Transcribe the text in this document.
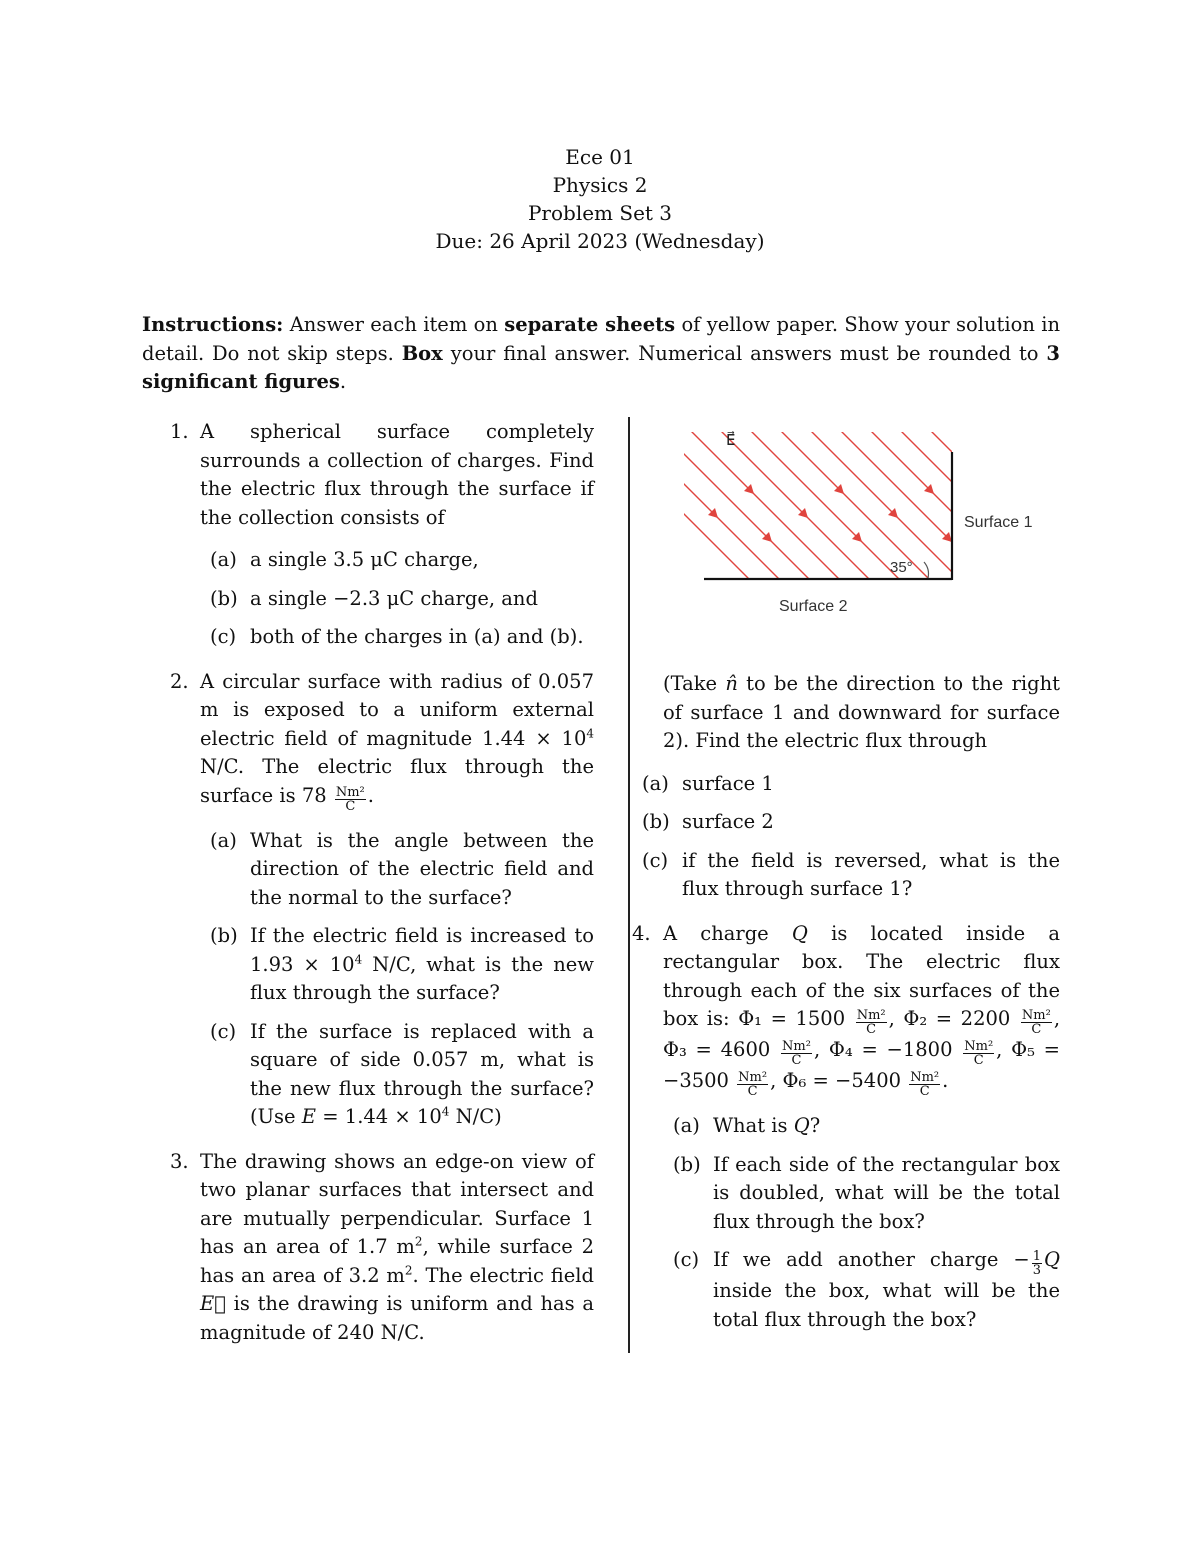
Ece 01
Physics 2
Problem Set 3
Due: 26 April 2023 (Wednesday)
Instructions: Answer each item on separate sheets of yellow paper. Show your solution in detail. Do not skip steps. Box your final answer. Numerical answers must be rounded to 3 significant figures.
1. A spherical surface completely surrounds a collection of charges. Find the electric flux through the surface if the collection consists of
(a) a single 3.5 μC charge,
(b) a single −2.3 μC charge, and
(c) both of the charges in (a) and (b).
2. A circular surface with radius of 0.057 m is exposed to a uniform external electric field of magnitude $1.44 \times 10^4$ N/C. The electric flux through the surface is $78 \frac{\text{Nm²}}{C}$ .
(a) What is the angle between the direction of the electric field and the normal to the surface?
(b) If the electric field is increased to $1.93 \times 10^4$ N/C, what is the new flux through the surface?
(c) If the surface is replaced with a square of side 0.057 m, what is the new flux through the surface? (Use $E = 1.44 \times 10^4$ N/C)
3. The drawing shows an edge-on view of two planar surfaces that intersect and are mutually perpendicular. Surface 1 has an area of 1.7 $m^2$, while surface 2 has an area of 3.2 $m^2$. The electric field E⃗ is the drawing is uniform and has a magnitude of 240 N/C.
E⃗
Surface 1
Surface 2
35°
(Take n̂ to be the direction to the right of surface 1 and downward for surface 2). Find the electric flux through
(a) surface 1
(b) surface 2
(c) if the field is reversed, what is the flux through surface 1?
4. A charge Q is located inside a rectangular box. The electric flux through each of the six surfaces of the box is: $\Phi_1 = 1500 \frac{\text{Nm²}}{C}$ , $\Phi_2 = 2200 \frac{\text{Nm²}}{C}$ , $\Phi_3 = 4600 \frac{\text{Nm²}}{C}$ , $\Phi_4 = -1800 \frac{\text{Nm²}}{C}$ , $\Phi_5 = -3500 \frac{\text{Nm²}}{C}$ , $\Phi_6 = -5400 \frac{\text{Nm²}}{C}$ .
(a) What is Q?
(b) If each side of the rectangular box is doubled, what will be the total flux through the box?
(c) If we add another charge − $\frac{1}{3}$ Q inside the box, what will be the total flux through the box?
